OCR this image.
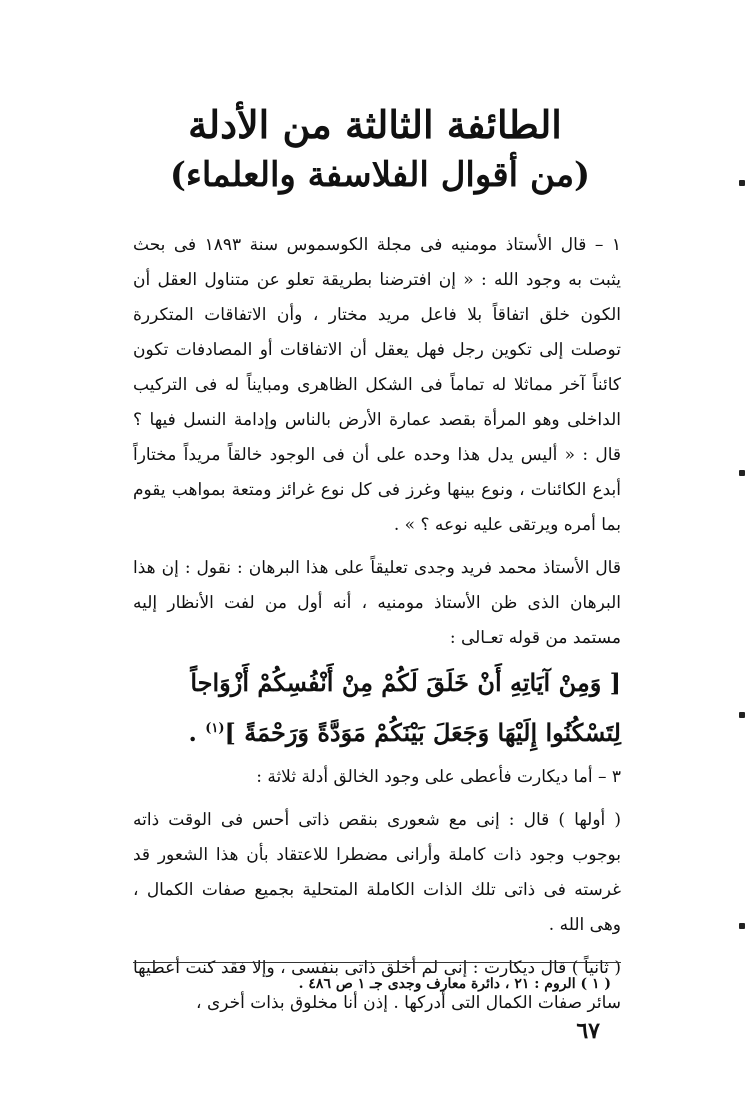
الطائفة الثالثة من الأدلة
(من أقوال الفلاسفة والعلماء)

١ – قال الأستاذ مومنيه فى مجلة الكوسموس سنة ١٨٩٣ فى بحث يثبت به وجود الله : « إن افترضنا بطريقة تعلو عن متناول العقل أن الكون خلق اتفاقاً بلا فاعل مريد مختار ، وأن الاتفاقات المتكررة توصلت إلى تكوين رجل فهل يعقل أن الاتفاقات أو المصادفات تكون كائناً آخر مماثلا له تماماً فى الشكل الظاهرى ومبايناً له فى التركيب الداخلى وهو المرأة بقصد عمارة الأرض بالناس وإدامة النسل فيها ؟ قال : « أليس يدل هذا وحده على أن فى الوجود خالقاً مريداً مختاراً أبدع الكائنات ، ونوع بينها وغرز فى كل نوع غرائز ومتعة بمواهب يقوم بما أمره ويرتقى عليه نوعه ؟ » .

قال الأستاذ محمد فريد وجدى تعليقاً على هذا البرهان : نقول : إن هذا البرهان الذى ظن الأستاذ مومنيه ، أنه أول من لفت الأنظار إليه مستمد من قوله تعـالى :

[ وَمِنْ آيَاتِهِ أَنْ خَلَقَ لَكُمْ مِنْ أَنْفُسِكُمْ أَزْوَاجاً
لِتَسْكُنُوا إِلَيْهَا وَجَعَلَ بَيْنَكُمْ مَوَدَّةً وَرَحْمَةً ]$^{(١)}$ .

٣ – أما ديكارت فأعطى على وجود الخالق أدلة ثلاثة :

( أولها ) قال : إنى مع شعورى بنقص ذاتى أحس فى الوقت ذاته بوجوب وجود ذات كاملة وأرانى مضطرا للاعتقاد بأن هذا الشعور قد غرسته فى ذاتى تلك الذات الكاملة المتحلية بجميع صفات الكمال ، وهى الله .

( ثانياً ) قال ديكارت : إنى لم أخلق ذاتى بنفسى ، وإلا فقد كنت أعطيها سائر صفات الكمال التى أدركها . إذن أنا مخلوق بذات أخرى ،

( ١ ) الروم : ٢١ ، دائرة معارف وجدى جـ ١ ص ٤٨٦ .
٦٧
